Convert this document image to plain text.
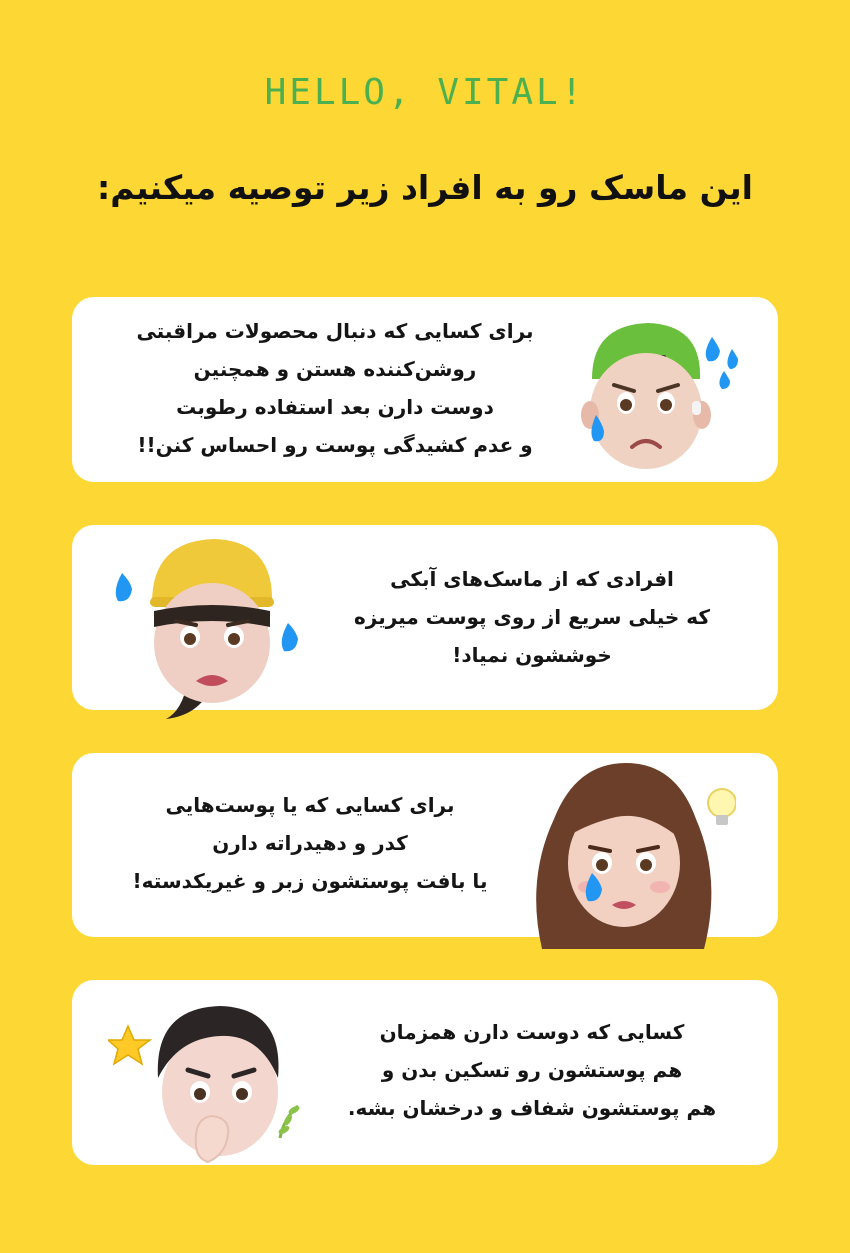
HELLO, VITAL!
این ماسک رو به افراد زیر توصیه میکنیم:
برای کسایی که دنبال محصولات مراقبتی
روشن‌کننده هستن و همچنین
دوست دارن بعد استفاده رطوبت
و عدم کشیدگی پوست رو احساس کنن!!
افرادی که از ماسک‌های آبکی
که خیلی سریع از روی پوست میریزه
خوششون نمیاد!
برای کسایی که یا پوست‌هایی
کدر و دهیدراته دارن
یا بافت پوستشون زبر و غیریکدسته!
کسایی که دوست دارن همزمان
هم پوستشون رو تسکین بدن و
هم پوستشون شفاف و درخشان بشه.
